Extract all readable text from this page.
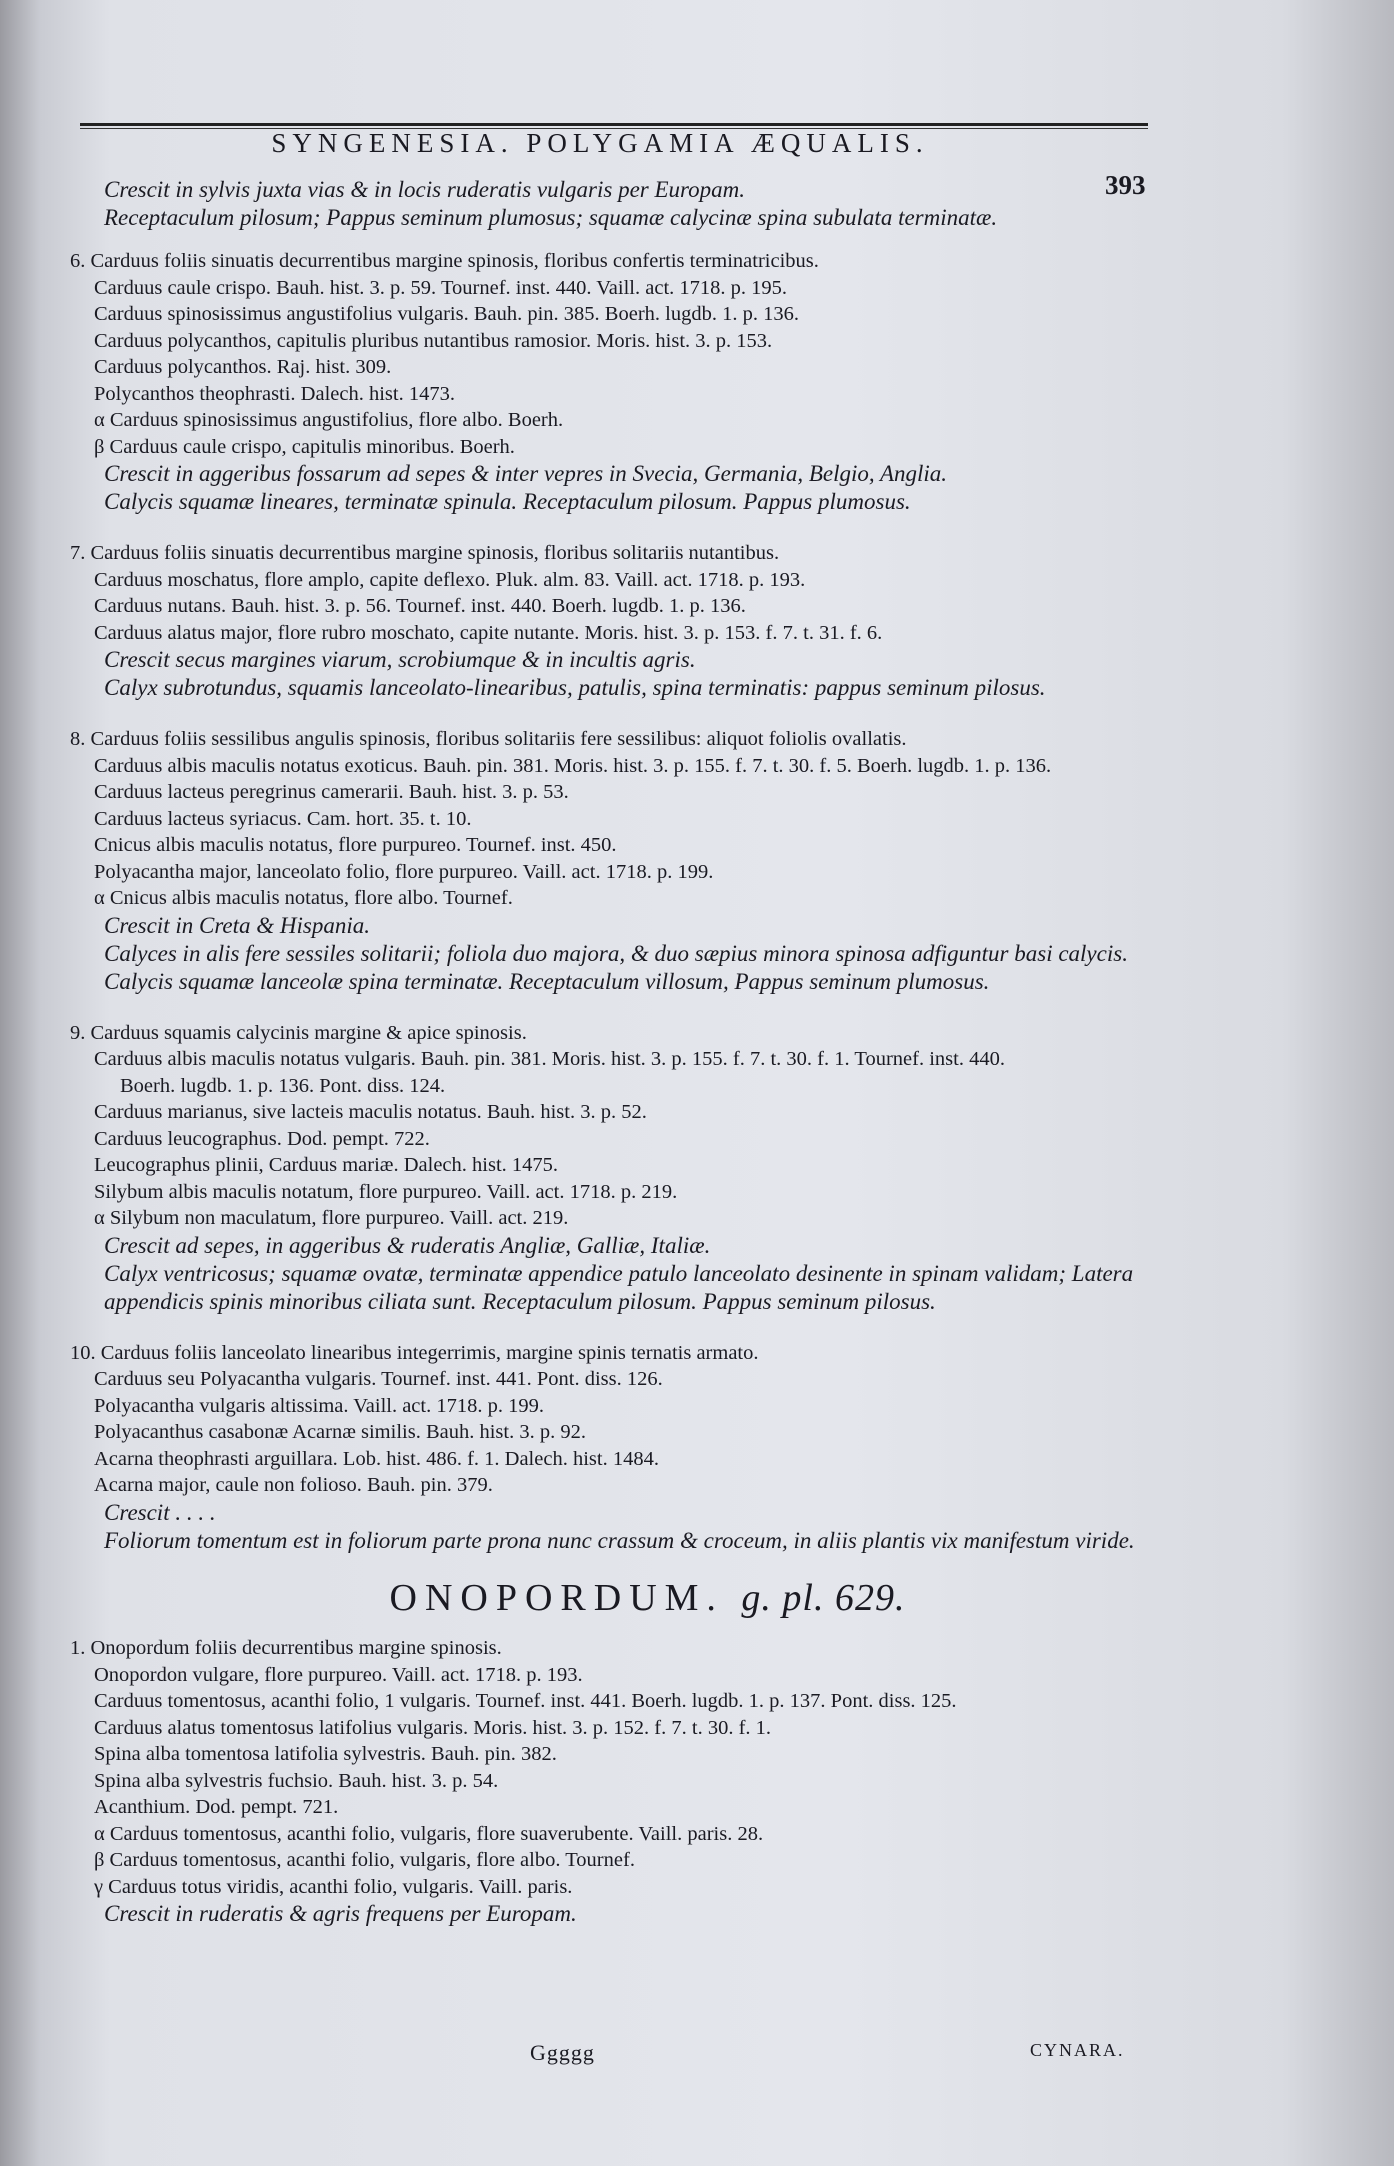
SYNGENESIA. POLYGAMIA ÆQUALIS.
393
Crescit in sylvis juxta vias & in locis ruderatis vulgaris per Europam.
Receptaculum pilosum; Pappus seminum plumosus; squamæ calycinæ spina subulata terminatæ.
6. Carduus foliis sinuatis decurrentibus margine spinosis, floribus confertis terminatricibus.
Carduus caule crispo. Bauh. hist. 3. p. 59. Tournef. inst. 440. Vaill. act. 1718. p. 195.
Carduus spinosissimus angustifolius vulgaris. Bauh. pin. 385. Boerh. lugdb. 1. p. 136.
Carduus polycanthos, capitulis pluribus nutantibus ramosior. Moris. hist. 3. p. 153.
Carduus polycanthos. Raj. hist. 309.
Polycanthos theophrasti. Dalech. hist. 1473.
α Carduus spinosissimus angustifolius, flore albo. Boerh.
β Carduus caule crispo, capitulis minoribus. Boerh.
Crescit in aggeribus fossarum ad sepes & inter vepres in Svecia, Germania, Belgio, Anglia.
Calycis squamæ lineares, terminatæ spinula. Receptaculum pilosum. Pappus plumosus.
7. Carduus foliis sinuatis decurrentibus margine spinosis, floribus solitariis nutantibus.
Carduus moschatus, flore amplo, capite deflexo. Pluk. alm. 83. Vaill. act. 1718. p. 193.
Carduus nutans. Bauh. hist. 3. p. 56. Tournef. inst. 440. Boerh. lugdb. 1. p. 136.
Carduus alatus major, flore rubro moschato, capite nutante. Moris. hist. 3. p. 153. f. 7. t. 31. f. 6.
Crescit secus margines viarum, scrobiumque & in incultis agris.
Calyx subrotundus, squamis lanceolato-linearibus, patulis, spina terminatis: pappus seminum pilosus.
8. Carduus foliis sessilibus angulis spinosis, floribus solitariis fere sessilibus: aliquot foliolis ovallatis.
Carduus albis maculis notatus exoticus. Bauh. pin. 381. Moris. hist. 3. p. 155. f. 7. t. 30. f. 5. Boerh. lugdb. 1. p. 136.
Carduus lacteus peregrinus camerarii. Bauh. hist. 3. p. 53.
Carduus lacteus syriacus. Cam. hort. 35. t. 10.
Cnicus albis maculis notatus, flore purpureo. Tournef. inst. 450.
Polyacantha major, lanceolato folio, flore purpureo. Vaill. act. 1718. p. 199.
α Cnicus albis maculis notatus, flore albo. Tournef.
Crescit in Creta & Hispania.
Calyces in alis fere sessiles solitarii; foliola duo majora, & duo sæpius minora spinosa adfiguntur basi calycis. Calycis squamæ lanceolæ spina terminatæ. Receptaculum villosum, Pappus seminum plumosus.
9. Carduus squamis calycinis margine & apice spinosis.
Carduus albis maculis notatus vulgaris. Bauh. pin. 381. Moris. hist. 3. p. 155. f. 7. t. 30. f. 1. Tournef. inst. 440.
Boerh. lugdb. 1. p. 136. Pont. diss. 124.
Carduus marianus, sive lacteis maculis notatus. Bauh. hist. 3. p. 52.
Carduus leucographus. Dod. pempt. 722.
Leucographus plinii, Carduus mariæ. Dalech. hist. 1475.
Silybum albis maculis notatum, flore purpureo. Vaill. act. 1718. p. 219.
α Silybum non maculatum, flore purpureo. Vaill. act. 219.
Crescit ad sepes, in aggeribus & ruderatis Angliæ, Galliæ, Italiæ.
Calyx ventricosus; squamæ ovatæ, terminatæ appendice patulo lanceolato desinente in spinam validam; Latera appendicis spinis minoribus ciliata sunt. Receptaculum pilosum. Pappus seminum pilosus.
10. Carduus foliis lanceolato linearibus integerrimis, margine spinis ternatis armato.
Carduus seu Polyacantha vulgaris. Tournef. inst. 441. Pont. diss. 126.
Polyacantha vulgaris altissima. Vaill. act. 1718. p. 199.
Polyacanthus casabonæ Acarnæ similis. Bauh. hist. 3. p. 92.
Acarna theophrasti arguillara. Lob. hist. 486. f. 1. Dalech. hist. 1484.
Acarna major, caule non folioso. Bauh. pin. 379.
Crescit . . . .
Foliorum tomentum est in foliorum parte prona nunc crassum & croceum, in aliis plantis vix manifestum viride.
ONOPORDUM. g. pl. 629.
1. Onopordum foliis decurrentibus margine spinosis.
Onopordon vulgare, flore purpureo. Vaill. act. 1718. p. 193.
Carduus tomentosus, acanthi folio, 1 vulgaris. Tournef. inst. 441. Boerh. lugdb. 1. p. 137. Pont. diss. 125.
Carduus alatus tomentosus latifolius vulgaris. Moris. hist. 3. p. 152. f. 7. t. 30. f. 1.
Spina alba tomentosa latifolia sylvestris. Bauh. pin. 382.
Spina alba sylvestris fuchsio. Bauh. hist. 3. p. 54.
Acanthium. Dod. pempt. 721.
α Carduus tomentosus, acanthi folio, vulgaris, flore suaverubente. Vaill. paris. 28.
β Carduus tomentosus, acanthi folio, vulgaris, flore albo. Tournef.
γ Carduus totus viridis, acanthi folio, vulgaris. Vaill. paris.
Crescit in ruderatis & agris frequens per Europam.
Ggggg	CYNARA.
